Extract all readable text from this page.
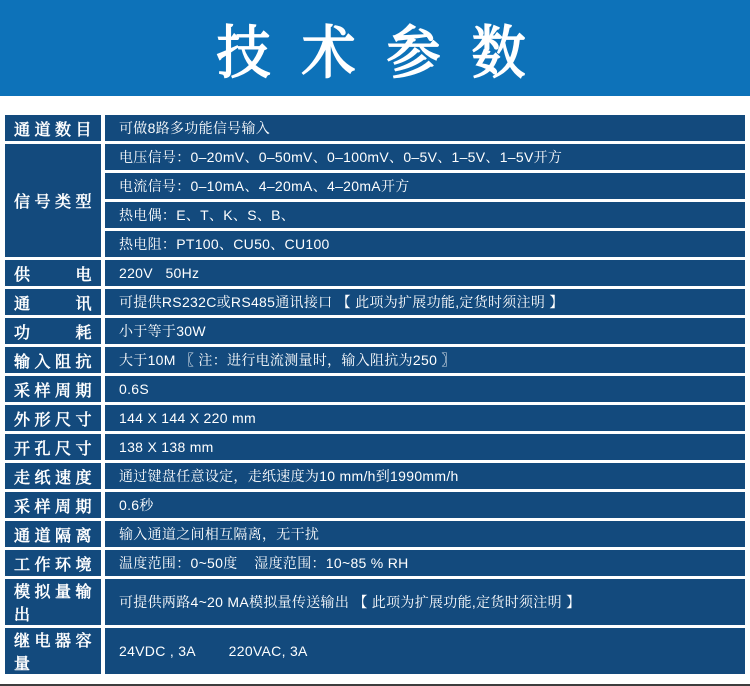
技 术 参 数
通道数目	可做8路多功能信号输入
信号类型	电压信号：0–20mV、0–50mV、0–100mV、0–5V、1–5V、1–5V开方
	电流信号：0–10mA、4–20mA、4–20mA开方
	热电偶：E、T、K、S、B、
	热电阻：PT100、CU50、CU100
供　电	220V   50Hz
通　讯	可提供RS232C或RS485通讯接口 【 此项为扩展功能,定货时须注明 】
功　耗	小于等于30W
输入阻抗	大于10M 〖 注：进行电流测量时，输入阻抗为250 〗
采样周期	0.6S
外形尺寸	144 X 144 X 220 mm
开孔尺寸	138 X 138 mm
走纸速度	通过键盘任意设定，走纸速度为10 mm/h到1990mm/h
采样周期	0.6秒
通道隔离	输入通道之间相互隔离，无干扰
工作环境	温度范围：0~50度    湿度范围：10~85 % RH
模拟量输出	可提供两路4~20 MA模拟量传送输出 【 此项为扩展功能,定货时须注明 】
继电器容量	24VDC , 3A        220VAC, 3A
